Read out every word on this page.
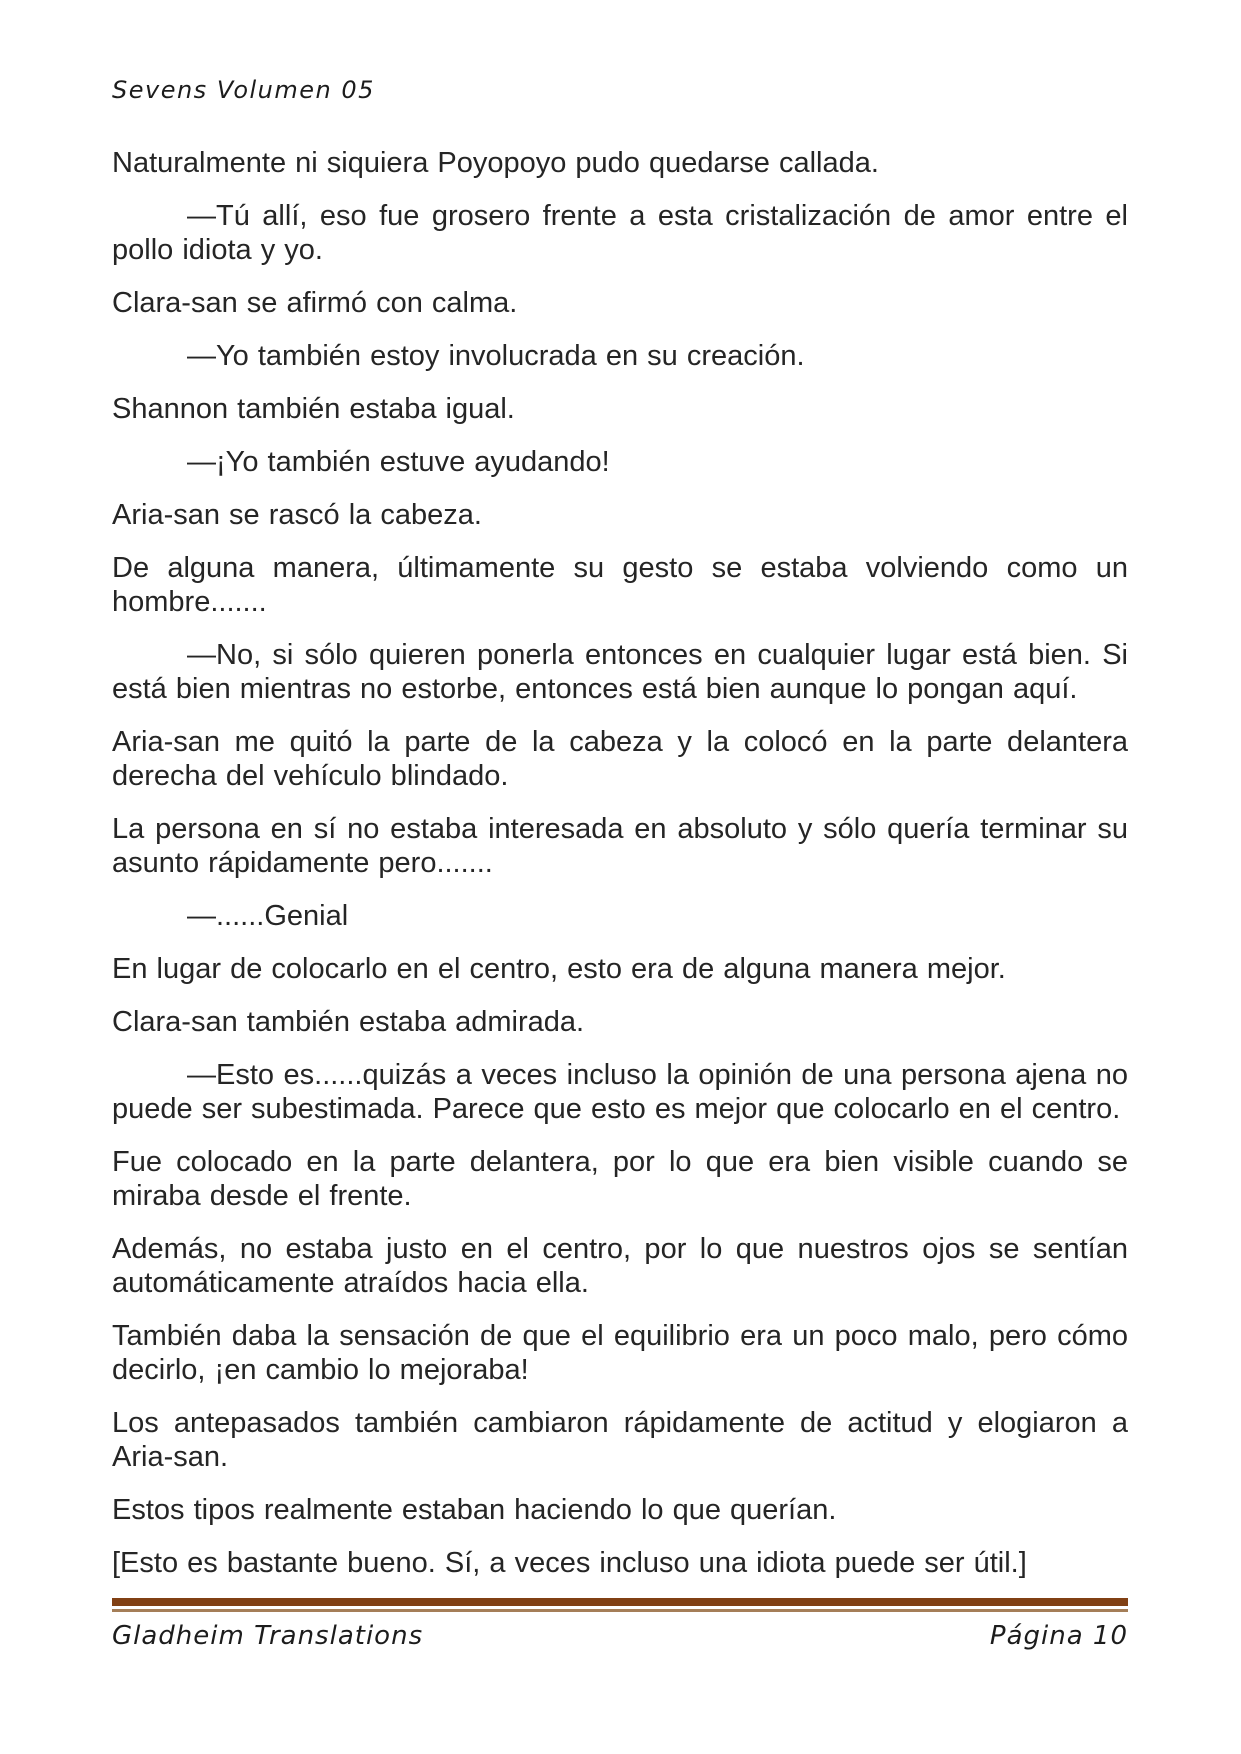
Sevens Volumen 05

Naturalmente ni siquiera Poyopoyo pudo quedarse callada.

—Tú allí, eso fue grosero frente a esta cristalización de amor entre el pollo idiota y yo.

Clara-san se afirmó con calma.

—Yo también estoy involucrada en su creación.

Shannon también estaba igual.

—¡Yo también estuve ayudando!

Aria-san se rascó la cabeza.

De alguna manera, últimamente su gesto se estaba volviendo como un hombre.......

—No, si sólo quieren ponerla entonces en cualquier lugar está bien. Si está bien mientras no estorbe, entonces está bien aunque lo pongan aquí.

Aria-san me quitó la parte de la cabeza y la colocó en la parte delantera derecha del vehículo blindado.

La persona en sí no estaba interesada en absoluto y sólo quería terminar su asunto rápidamente pero.......

—......Genial

En lugar de colocarlo en el centro, esto era de alguna manera mejor.

Clara-san también estaba admirada.

—Esto es......quizás a veces incluso la opinión de una persona ajena no puede ser subestimada. Parece que esto es mejor que colocarlo en el centro.

Fue colocado en la parte delantera, por lo que era bien visible cuando se miraba desde el frente.

Además, no estaba justo en el centro, por lo que nuestros ojos se sentían automáticamente atraídos hacia ella.

También daba la sensación de que el equilibrio era un poco malo, pero cómo decirlo, ¡en cambio lo mejoraba!

Los antepasados también cambiaron rápidamente de actitud y elogiaron a Aria-san.

Estos tipos realmente estaban haciendo lo que querían.

[Esto es bastante bueno. Sí, a veces incluso una idiota puede ser útil.]

Gladheim Translations	Página 10
